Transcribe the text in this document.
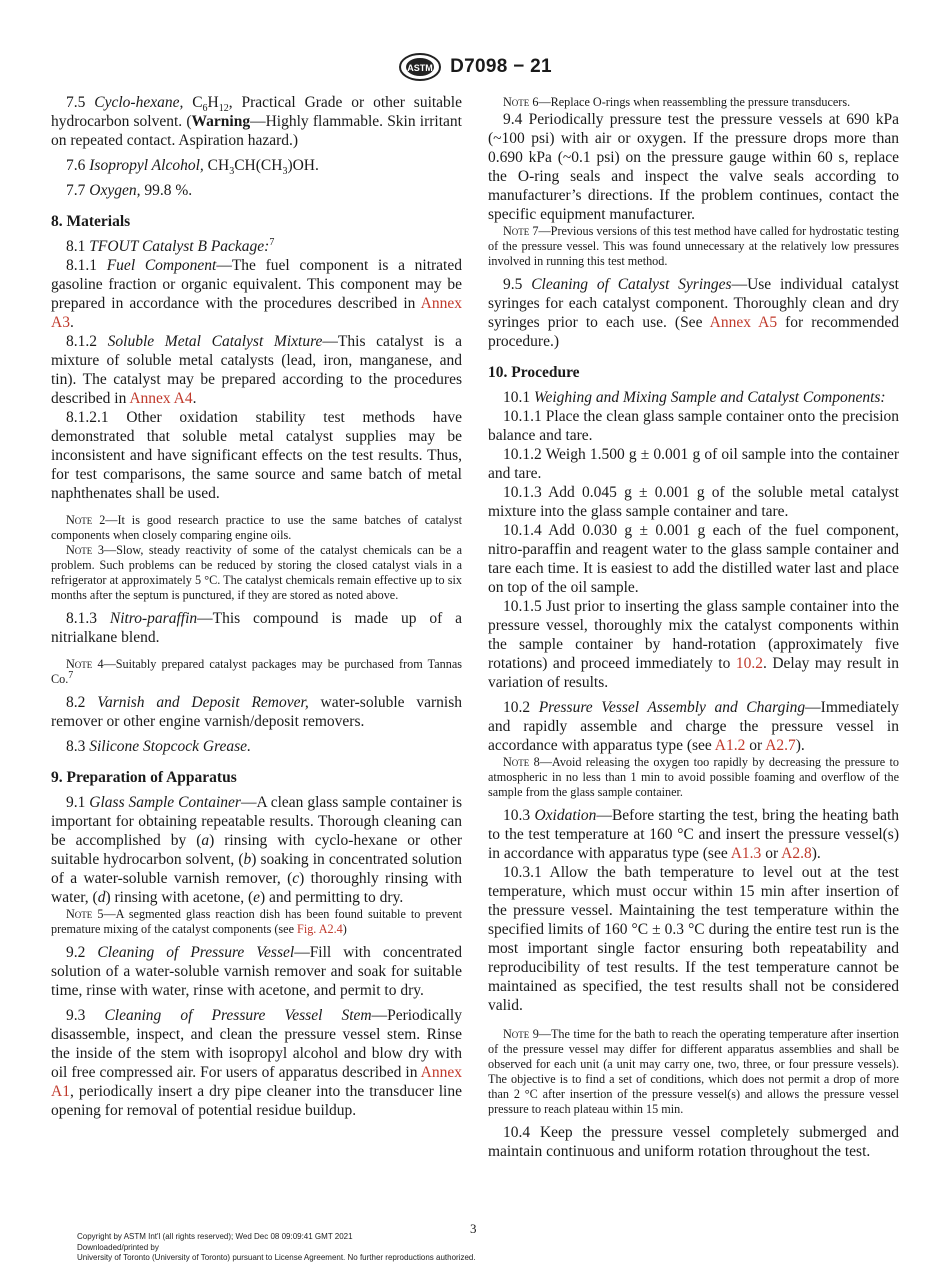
ASTM D7098 − 21

7.5 Cyclo-hexane, $C_6H_{12}$, Practical Grade or other suitable hydrocarbon solvent. (Warning—Highly flammable. Skin irritant on repeated contact. Aspiration hazard.)

7.6 Isopropyl Alcohol, $CH_3CH(CH_3)OH$.

7.7 Oxygen, 99.8 %.

8. Materials

8.1 TFOUT Catalyst B Package:$^7$

8.1.1 Fuel Component—The fuel component is a nitrated gasoline fraction or organic equivalent. This component may be prepared in accordance with the procedures described in Annex A3.

8.1.2 Soluble Metal Catalyst Mixture—This catalyst is a mixture of soluble metal catalysts (lead, iron, manganese, and tin). The catalyst may be prepared according to the procedures described in Annex A4.

8.1.2.1 Other oxidation stability test methods have demonstrated that soluble metal catalyst supplies may be inconsistent and have significant effects on the test results. Thus, for test comparisons, the same source and same batch of metal naphthenates shall be used.

Note 2—It is good research practice to use the same batches of catalyst components when closely comparing engine oils.

Note 3—Slow, steady reactivity of some of the catalyst chemicals can be a problem. Such problems can be reduced by storing the closed catalyst vials in a refrigerator at approximately 5 °C. The catalyst chemicals remain effective up to six months after the septum is punctured, if they are stored as noted above.

8.1.3 Nitro-paraffin—This compound is made up of a nitrialkane blend.

Note 4—Suitably prepared catalyst packages may be purchased from Tannas Co.$^7$

8.2 Varnish and Deposit Remover, water-soluble varnish remover or other engine varnish/deposit removers.

8.3 Silicone Stopcock Grease.

9. Preparation of Apparatus

9.1 Glass Sample Container—A clean glass sample container is important for obtaining repeatable results. Thorough cleaning can be accomplished by (a) rinsing with cyclo-hexane or other suitable hydrocarbon solvent, (b) soaking in concentrated solution of a water-soluble varnish remover, (c) thoroughly rinsing with water, (d) rinsing with acetone, (e) and permitting to dry.

Note 5—A segmented glass reaction dish has been found suitable to prevent premature mixing of the catalyst components (see Fig. A2.4)

9.2 Cleaning of Pressure Vessel—Fill with concentrated solution of a water-soluble varnish remover and soak for suitable time, rinse with water, rinse with acetone, and permit to dry.

9.3 Cleaning of Pressure Vessel Stem—Periodically disassemble, inspect, and clean the pressure vessel stem. Rinse the inside of the stem with isopropyl alcohol and blow dry with oil free compressed air. For users of apparatus described in Annex A1, periodically insert a dry pipe cleaner into the transducer line opening for removal of potential residue buildup.

Note 6—Replace O-rings when reassembling the pressure transducers.

9.4 Periodically pressure test the pressure vessels at 690 kPa (~100 psi) with air or oxygen. If the pressure drops more than 0.690 kPa (~0.1 psi) on the pressure gauge within 60 s, replace the O-ring seals and inspect the valve seals according to manufacturer’s directions. If the problem continues, contact the specific equipment manufacturer.

Note 7—Previous versions of this test method have called for hydrostatic testing of the pressure vessel. This was found unnecessary at the relatively low pressures involved in running this test method.

9.5 Cleaning of Catalyst Syringes—Use individual catalyst syringes for each catalyst component. Thoroughly clean and dry syringes prior to each use. (See Annex A5 for recommended procedure.)

10. Procedure

10.1 Weighing and Mixing Sample and Catalyst Components:

10.1.1 Place the clean glass sample container onto the precision balance and tare.

10.1.2 Weigh 1.500 g ± 0.001 g of oil sample into the container and tare.

10.1.3 Add 0.045 g ± 0.001 g of the soluble metal catalyst mixture into the glass sample container and tare.

10.1.4 Add 0.030 g ± 0.001 g each of the fuel component, nitro-paraffin and reagent water to the glass sample container and tare each time. It is easiest to add the distilled water last and place on top of the oil sample.

10.1.5 Just prior to inserting the glass sample container into the pressure vessel, thoroughly mix the catalyst components within the sample container by hand-rotation (approximately five rotations) and proceed immediately to 10.2. Delay may result in variation of results.

10.2 Pressure Vessel Assembly and Charging—Immediately and rapidly assemble and charge the pressure vessel in accordance with apparatus type (see A1.2 or A2.7).

Note 8—Avoid releasing the oxygen too rapidly by decreasing the pressure to atmospheric in no less than 1 min to avoid possible foaming and overflow of the sample from the glass sample container.

10.3 Oxidation—Before starting the test, bring the heating bath to the test temperature at 160 °C and insert the pressure vessel(s) in accordance with apparatus type (see A1.3 or A2.8).

10.3.1 Allow the bath temperature to level out at the test temperature, which must occur within 15 min after insertion of the pressure vessel. Maintaining the test temperature within the specified limits of 160 °C ± 0.3 °C during the entire test run is the most important single factor ensuring both repeatability and reproducibility of test results. If the test temperature cannot be maintained as specified, the test results shall not be considered valid.

Note 9—The time for the bath to reach the operating temperature after insertion of the pressure vessel may differ for different apparatus assemblies and shall be observed for each unit (a unit may carry one, two, three, or four pressure vessels). The objective is to find a set of conditions, which does not permit a drop of more than 2 °C after insertion of the pressure vessel(s) and allows the pressure vessel pressure to reach plateau within 15 min.

10.4 Keep the pressure vessel completely submerged and maintain continuous and uniform rotation throughout the test.

3
Copyright by ASTM Int'l (all rights reserved); Wed Dec 08 09:09:41 GMT 2021
Downloaded/printed by
University of Toronto (University of Toronto) pursuant to License Agreement. No further reproductions authorized.
